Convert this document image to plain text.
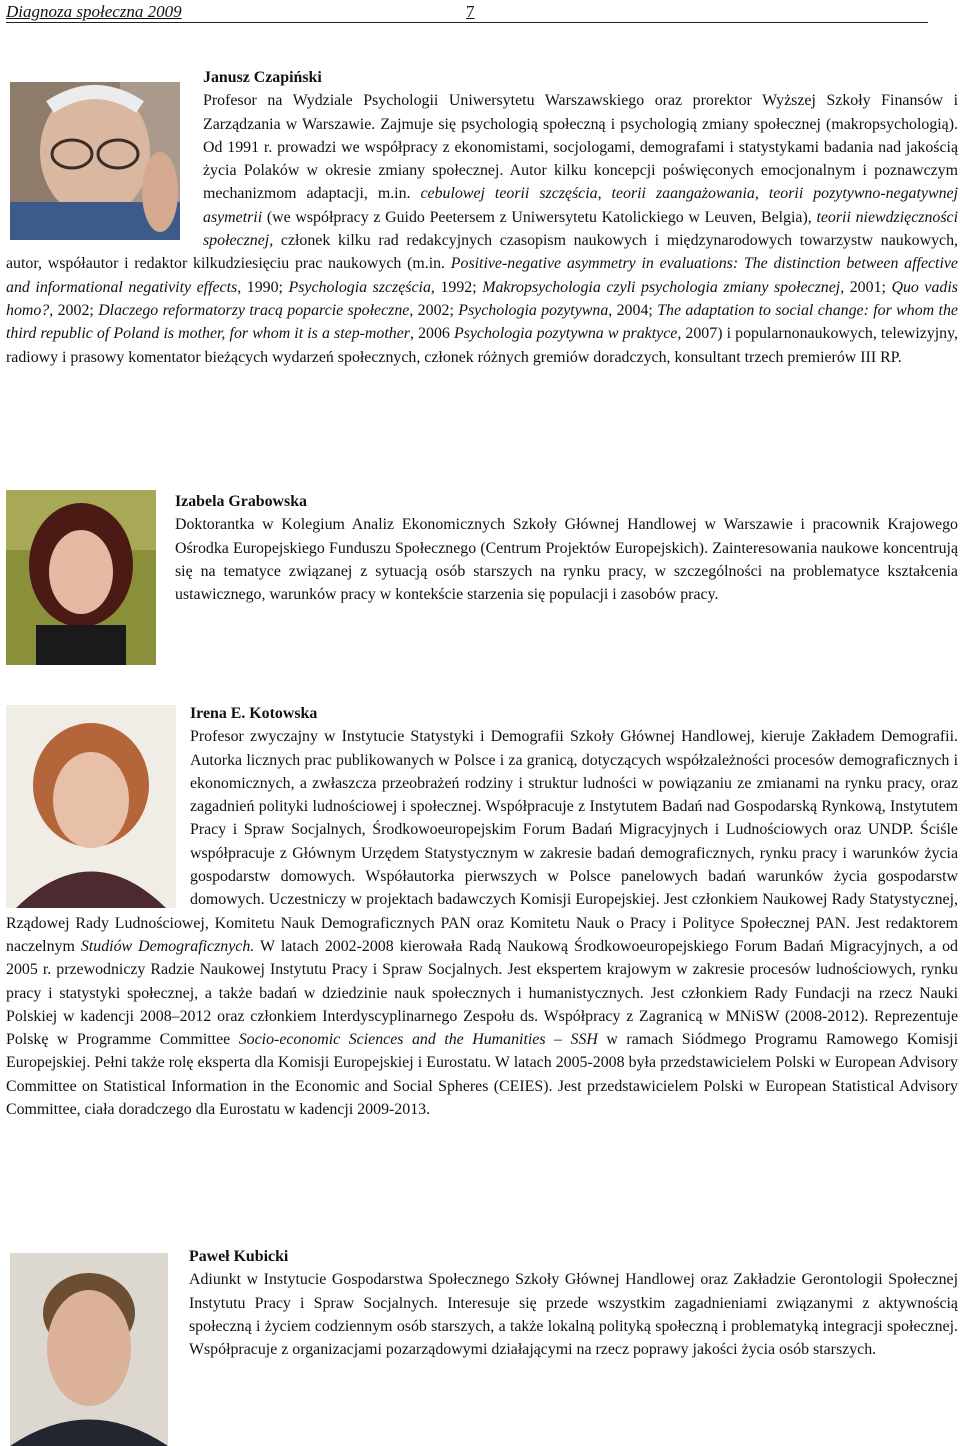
Diagnoza społeczna 2009	7

Janusz Czapiński

Profesor na Wydziale Psychologii Uniwersytetu Warszawskiego oraz prorektor Wyższej Szkoły Finansów i Zarządzania w Warszawie. Zajmuje się psychologią społeczną i psychologią zmiany społecznej (makropsychologią). Od 1991 r. prowadzi we współpracy z ekonomistami, socjologami, demografami i statystykami badania nad jakością życia Polaków w okresie zmiany społecznej. Autor kilku koncepcji poświęconych emocjonalnym i poznawczym mechanizmom adaptacji, m.in. cebulowej teorii szczęścia, teorii zaangażowania, teorii pozytywno-negatywnej asymetrii (we współpracy z Guido Peetersem z Uniwersytetu Katolickiego w Leuven, Belgia), teorii niewdzięczności społecznej, członek kilku rad redakcyjnych czasopism naukowych i międzynarodowych towarzystw naukowych, autor, współautor i redaktor kilkudziesięciu prac naukowych (m.in. Positive-negative asymmetry in evaluations: The distinction between affective and informational negativity effects, 1990; Psychologia szczęścia, 1992; Makropsychologia czyli psychologia zmiany społecznej, 2001; Quo vadis homo?, 2002; Dlaczego reformatorzy tracą poparcie społeczne, 2002; Psychologia pozytywna, 2004; The adaptation to social change: for whom the third republic of Poland is mother, for whom it is a step-mother, 2006 Psychologia pozytywna w praktyce, 2007) i popularnonaukowych, telewizyjny, radiowy i prasowy komentator bieżących wydarzeń społecznych, członek różnych gremiów doradczych, konsultant trzech premierów III RP.

Izabela Grabowska

Doktorantka w Kolegium Analiz Ekonomicznych Szkoły Głównej Handlowej w Warszawie i pracownik Krajowego Ośrodka Europejskiego Funduszu Społecznego (Centrum Projektów Europejskich). Zainteresowania naukowe koncentrują się na tematyce związanej z sytuacją osób starszych na rynku pracy, w szczególności na problematyce kształcenia ustawicznego, warunków pracy w kontekście starzenia się populacji i zasobów pracy.

Irena E. Kotowska

Profesor zwyczajny w Instytucie Statystyki i Demografii Szkoły Głównej Handlowej, kieruje Zakładem Demografii. Autorka licznych prac publikowanych w Polsce i za granicą, dotyczących współzależności procesów demograficznych i ekonomicznych, a zwłaszcza przeobrażeń rodziny i struktur ludności w powiązaniu ze zmianami na rynku pracy, oraz zagadnień polityki ludnościowej i społecznej. Współpracuje z Instytutem Badań nad Gospodarską Rynkową, Instytutem Pracy i Spraw Socjalnych, Środkowoeuropejskim Forum Badań Migracyjnych i Ludnościowych oraz UNDP. Ściśle współpracuje z Głównym Urzędem Statystycznym w zakresie badań demograficznych, rynku pracy i warunków życia gospodarstw domowych. Współautorka pierwszych w Polsce panelowych badań warunków życia gospodarstw domowych. Uczestniczy w projektach badawczych Komisji Europejskiej. Jest członkiem Naukowej Rady Statystycznej, Rządowej Rady Ludnościowej, Komitetu Nauk Demograficznych PAN oraz Komitetu Nauk o Pracy i Polityce Społecznej PAN. Jest redaktorem naczelnym Studiów Demograficznych. W latach 2002-2008 kierowała Radą Naukową Środkowoeuropejskiego Forum Badań Migracyjnych, a od 2005 r. przewodniczy Radzie Naukowej Instytutu Pracy i Spraw Socjalnych. Jest ekspertem krajowym w zakresie procesów ludnościowych, rynku pracy i statystyki społecznej, a także badań w dziedzinie nauk społecznych i humanistycznych. Jest członkiem Rady Fundacji na rzecz Nauki Polskiej w kadencji 2008–2012 oraz członkiem Interdyscyplinarnego Zespołu ds. Współpracy z Zagranicą w MNiSW (2008-2012). Reprezentuje Polskę w Programme Committee Socio-economic Sciences and the Humanities – SSH w ramach Siódmego Programu Ramowego Komisji Europejskiej. Pełni także rolę eksperta dla Komisji Europejskiej i Eurostatu. W latach 2005-2008 była przedstawicielem Polski w European Advisory Committee on Statistical Information in the Economic and Social Spheres (CEIES). Jest przedstawicielem Polski w European Statistical Advisory Committee, ciała doradczego dla Eurostatu w kadencji 2009-2013.

Paweł Kubicki

Adiunkt w Instytucie Gospodarstwa Społecznego Szkoły Głównej Handlowej oraz Zakładzie Gerontologii Społecznej Instytutu Pracy i Spraw Socjalnych. Interesuje się przede wszystkim zagadnieniami związanymi z aktywnością społeczną i życiem codziennym osób starszych, a także lokalną polityką społeczną i problematyką integracji społecznej. Współpracuje z organizacjami pozarządowymi działającymi na rzecz poprawy jakości życia osób starszych.
